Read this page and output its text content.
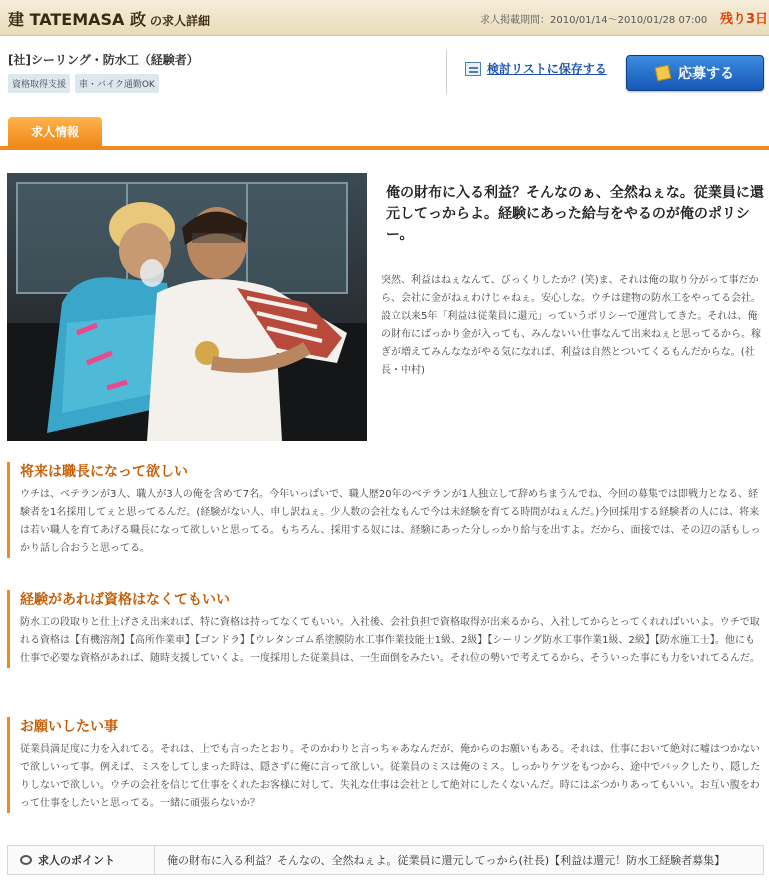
建 TATEMASA 政 の求人詳細	求人掲載期間：2010/01/14〜2010/01/28 07:00 残り3日
[社]シーリング・防水工（経験者）
資格取得支援	車・バイク通勤OK
検討リストに保存する	応募する
求人情報
俺の財布に入る利益？そんなのぁ、全然ねぇな。従業員に還元してっからよ。経験にあった給与をやるのが俺のポリシー。
突然、利益はねぇなんて、びっくりしたか？(笑)ま、それは俺の取り分がって事だから、会社に金がねぇわけじゃねぇ。安心しな。ウチは建物の防水工をやってる会社。設立以来5年「利益は従業員に還元」っていうポリシーで運営してきた。それは、俺の財布にばっかり金が入っても、みんないい仕事なんて出来ねぇと思ってるから。稼ぎが増えてみんなながやる気になれば、利益は自然とついてくるもんだからな。(社長・中村)
将来は職長になって欲しい

ウチは、ベテランが3人、職人が3人の俺を含めて7名。今年いっぱいで、職人歴20年のベテランが1人独立して辞めちまうんでね、今回の募集では即戦力となる、経験者を1名採用してぇと思ってるんだ。(経験がない人、申し訳ねぇ。少人数の会社なもんで今は未経験を育てる時間がねぇんだ。)今回採用する経験者の人には、将来は若い職人を育てあげる職長になって欲しいと思ってる。もちろん、採用する奴には、経験にあった分しっかり給与を出すよ。だから、面接では、その辺の話もしっかり話し合おうと思ってる。

経験があれば資格はなくてもいい

防水工の段取りと仕上げさえ出来れば、特に資格は持ってなくてもいい。入社後、会社負担で資格取得が出来るから、入社してからとってくれればいいよ。ウチで取れる資格は【有機溶剤】【高所作業車】【ゴンドラ】【ウレタンゴム系塗膜防水工事作業技能士1級、2級】【シーリング防水工事作業1級、2級】【防水施工士】。他にも仕事で必要な資格があれば、随時支援していくよ。一度採用した従業員は、一生面倒をみたい。それ位の勢いで考えてるから、そういった事にも力をいれてるんだ。

お願いしたい事

従業員満足度に力を入れてる。それは、上でも言ったとおり。そのかわりと言っちゃあなんだが、俺からのお願いもある。それは、仕事において絶対に嘘はつかないで欲しいって事。例えば、ミスをしてしまった時は、隠さずに俺に言って欲しい。従業員のミスは俺のミス。しっかりケツをもつから、途中でバックしたり、隠したりしないで欲しい。ウチの会社を信じて仕事をくれたお客様に対して、失礼な仕事は会社として絶対にしたくないんだ。時にはぶつかりあってもいい。お互い腹をわって仕事をしたいと思ってる。一緒に頑張らないか？

求人のポイント	俺の財布に入る利益？そんなの、全然ねぇよ。従業員に還元してっから(社長)【利益は還元！防水工経験者募集】
